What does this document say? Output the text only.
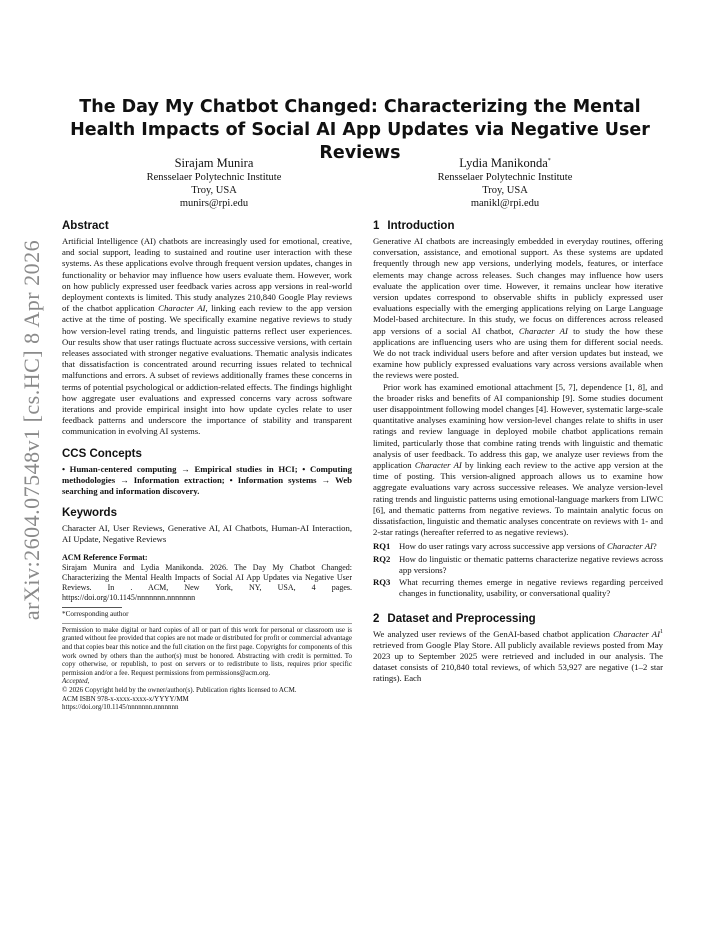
arXiv:2604.07548v1 [cs.HC] 8 Apr 2026
The Day My Chatbot Changed: Characterizing the Mental Health Impacts of Social AI App Updates via Negative User Reviews
Sirajam Munira
Rensselaer Polytechnic Institute
Troy, USA
munirs@rpi.edu
Lydia Manikonda*
Rensselaer Polytechnic Institute
Troy, USA
manikl@rpi.edu
Abstract

Artificial Intelligence (AI) chatbots are increasingly used for emotional, creative, and social support, leading to sustained and routine user interaction with these systems. As these applications evolve through frequent version updates, changes in functionality or behavior may influence how users evaluate them. However, work on how publicly expressed user feedback varies across app versions in real-world deployment contexts is limited. This study analyzes 210,840 Google Play reviews of the chatbot application Character AI, linking each review to the app version active at the time of posting. We specifically examine negative reviews to study how version-level rating trends, and linguistic patterns reflect user experiences. Our results show that user ratings fluctuate across successive versions, with certain releases associated with stronger negative evaluations. Thematic analysis indicates that dissatisfaction is concentrated around recurring issues related to technical malfunctions and errors. A subset of reviews additionally frames these concerns in terms of potential psychological or addiction-related effects. The findings highlight how aggregate user evaluations and expressed concerns vary across software iterations and provide empirical insight into how update cycles relate to user feedback patterns and underscore the importance of stability and transparent communication in evolving AI systems.

CCS Concepts

• Human-centered computing → Empirical studies in HCI; • Computing methodologies → Information extraction; • Information systems → Web searching and information discovery.

Keywords

Character AI, User Reviews, Generative AI, AI Chatbots, Human-AI Interaction, AI Update, Negative Reviews

ACM Reference Format:

Sirajam Munira and Lydia Manikonda. 2026. The Day My Chatbot Changed: Characterizing the Mental Health Impacts of Social AI App Updates via Negative User Reviews. In . ACM, New York, NY, USA, 4 pages. https://doi.org/10.1145/nnnnnnn.nnnnnnn

*Corresponding author

Permission to make digital or hard copies of all or part of this work for personal or classroom use is granted without fee provided that copies are not made or distributed for profit or commercial advantage and that copies bear this notice and the full citation on the first page. Copyrights for components of this work owned by others than the author(s) must be honored. Abstracting with credit is permitted. To copy otherwise, or republish, to post on servers or to redistribute to lists, requires prior specific permission and/or a fee. Request permissions from permissions@acm.org.

Accepted,

© 2026 Copyright held by the owner/author(s). Publication rights licensed to ACM.

ACM ISBN 978-x-xxxx-xxxx-x/YYYY/MM

https://doi.org/10.1145/nnnnnnn.nnnnnnn

1 Introduction

Generative AI chatbots are increasingly embedded in everyday routines, offering conversation, assistance, and emotional support. As these systems are updated frequently through new app versions, underlying models, features, or interface elements may change across releases. Such changes may influence how users evaluate the application over time. However, it remains unclear how iterative version updates correspond to observable shifts in publicly expressed user evaluations especially with the emerging applications relying on Large Language Model-based architecture. In this study, we focus on differences across released app versions of a social AI chatbot, Character AI to study the how these applications are influencing users who are using them for different social needs. We do not track individual users before and after version updates but instead, we examine how publicly expressed evaluations vary across versions available when the reviews were posted.

Prior work has examined emotional attachment [5, 7], dependence [1, 8], and the broader risks and benefits of AI companionship [9]. Some studies document user disappointment following model changes [4]. However, systematic large-scale quantitative analyses examining how version-level changes relate to shifts in user ratings and review language in deployed mobile chatbot applications remain limited, particularly those that combine rating trends with linguistic and thematic analysis of user feedback. To address this gap, we analyze user reviews from the application Character AI by linking each review to the active app version at the time of posting. This version-aligned approach allows us to examine how aggregate evaluations vary across successive releases. We analyze version-level rating trends and linguistic patterns using emotional-language markers from LIWC [6], and thematic patterns from negative reviews. To maintain analytic focus on dissatisfaction, linguistic and thematic analyses concentrate on reviews with 1- and 2-star ratings (hereafter referred to as negative reviews).

RQ1 How do user ratings vary across successive app versions of Character AI?
RQ2 How do linguistic or thematic patterns characterize negative reviews across app versions?
RQ3 What recurring themes emerge in negative reviews regarding perceived changes in functionality, usability, or conversational quality?
2 Dataset and Preprocessing

We analyzed user reviews of the GenAI-based chatbot application Character $AI^1$ retrieved from Google Play Store. All publicly available reviews posted from May 2023 up to September 2025 were retrieved and included in our analysis. The dataset consists of 210,840 total reviews, of which 53,927 are negative (1–2 star ratings). Each
